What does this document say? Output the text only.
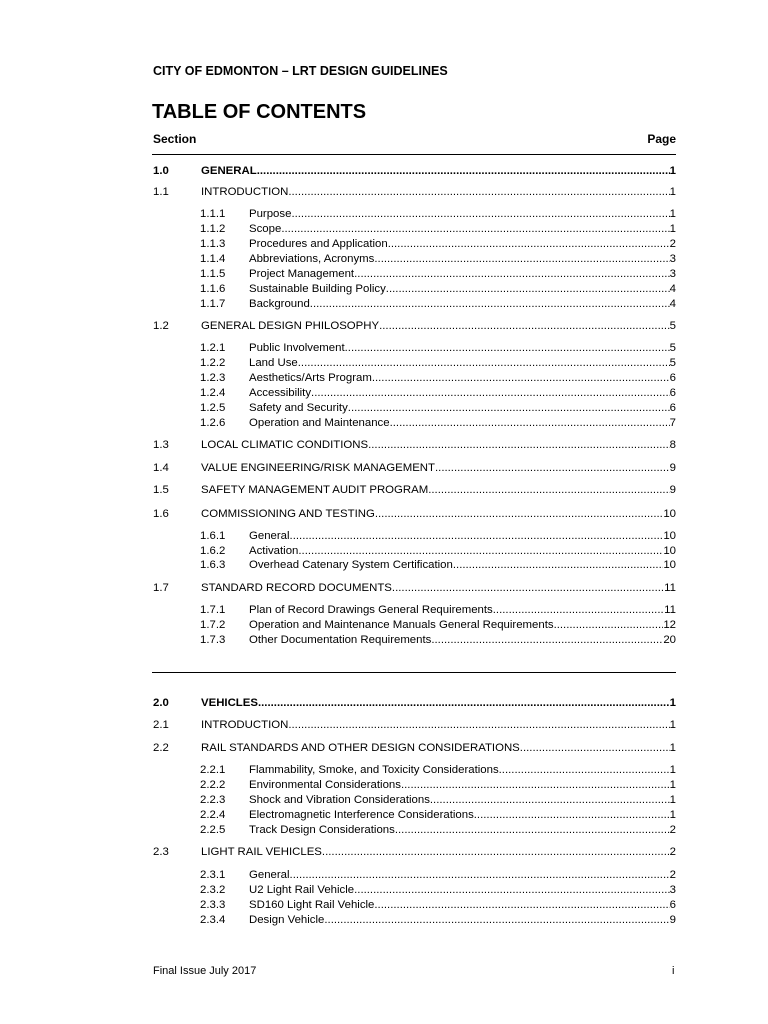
CITY OF EDMONTON – LRT DESIGN GUIDELINES
TABLE OF CONTENTS
Section	Page
1.0	GENERAL .....	1
1.1	INTRODUCTION .....	1
1.1.1 Purpose .....	1
1.1.2 Scope .....	1
1.1.3 Procedures and Application .....	2
1.1.4 Abbreviations, Acronyms .....	3
1.1.5 Project Management .....	3
1.1.6 Sustainable Building Policy .....	4
1.1.7 Background .....	4
1.2	GENERAL DESIGN PHILOSOPHY .....	5
1.2.1 Public Involvement .....	5
1.2.2 Land Use .....	5
1.2.3 Aesthetics/Arts Program .....	6
1.2.4 Accessibility .....	6
1.2.5 Safety and Security .....	6
1.2.6 Operation and Maintenance .....	7
1.3	LOCAL CLIMATIC CONDITIONS .....	8
1.4	VALUE ENGINEERING/RISK MANAGEMENT .....	9
1.5	SAFETY MANAGEMENT AUDIT PROGRAM .....	9
1.6	COMMISSIONING AND TESTING .....	10
1.6.1 General .....	10
1.6.2 Activation .....	10
1.6.3 Overhead Catenary System Certification .....	10
1.7	STANDARD RECORD DOCUMENTS .....	11
1.7.1 Plan of Record Drawings General Requirements .....	11
1.7.2 Operation and Maintenance Manuals General Requirements .....	12
1.7.3 Other Documentation Requirements .....	20
2.0	VEHICLES .....	1
2.1	INTRODUCTION .....	1
2.2	RAIL STANDARDS AND OTHER DESIGN CONSIDERATIONS .....	1
2.2.1 Flammability, Smoke, and Toxicity Considerations .....	1
2.2.2 Environmental Considerations .....	1
2.2.3 Shock and Vibration Considerations .....	1
2.2.4 Electromagnetic Interference Considerations .....	1
2.2.5 Track Design Considerations .....	2
2.3	LIGHT RAIL VEHICLES .....	2
2.3.1 General .....	2
2.3.2 U2 Light Rail Vehicle .....	3
2.3.3 SD160 Light Rail Vehicle .....	6
2.3.4 Design Vehicle .....	9
Final Issue July 2017	i
